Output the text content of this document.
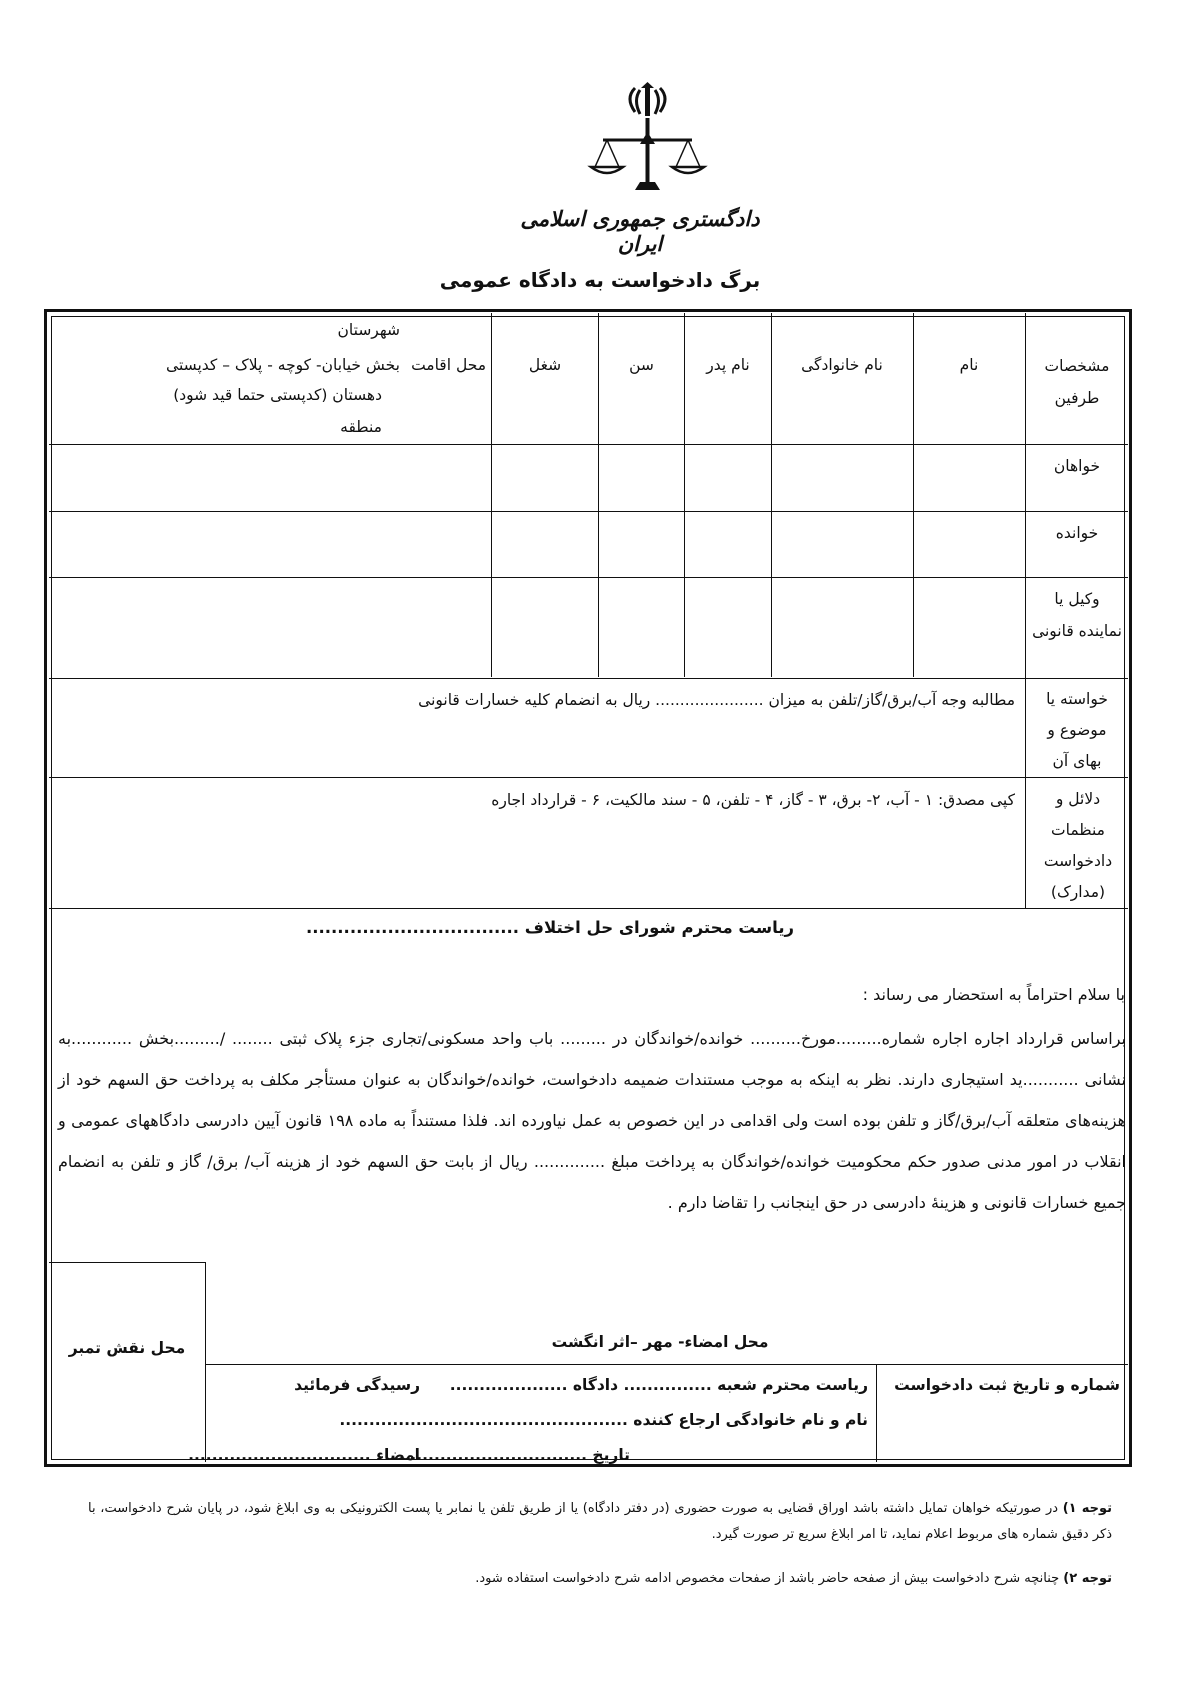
دادگستری جمهوری اسلامی ایران
برگ دادخواست به دادگاه عمومی
مشخصات طرفین
نام
نام خانوادگی
نام پدر
سن
شغل
محل اقامت
شهرستان
بخش خیابان- کوچه - پلاک – کدپستی
دهستان (کدپستی حتما قید شود)
منطقه
خواهان
خوانده
وکیل یا نماینده قانونی
خواسته یا موضوع و بهای آن
مطالبه وجه آب/برق/گاز/تلفن به میزان ...................... ریال به انضمام کلیه خسارات قانونی
دلائل و منظمات دادخواست (مدارک)
کپی مصدق: ۱ - آب، ۲- برق، ۳ - گاز، ۴ - تلفن، ۵ - سند مالکیت، ۶ - قرارداد اجاره
ریاست محترم شورای حل اختلاف ..................................
با سلام احتراماً به استحضار می رساند :
براساس قرارداد اجاره اجاره شماره.........مورخ.......... خوانده/خواندگان در ......... باب واحد مسکونی/تجاری جزء پلاک ثبتی ........ /.........بخش ............به نشانی ...........ید استیجاری دارند. نظر به اینکه به موجب مستندات ضمیمه دادخواست، خوانده/خواندگان به عنوان مستأجر مکلف به پرداخت حق السهم خود از هزینه‌های متعلقه آب/برق/گاز و تلفن بوده است ولی اقدامی در این خصوص به عمل نیاورده اند. فلذا مستنداً به ماده ۱۹۸ قانون آیین دادرسی دادگاههای عمومی و انقلاب در امور مدنی صدور حکم محکومیت خوانده/خواندگان به پرداخت مبلغ .............. ریال از بابت حق السهم خود از هزینه آب/ برق/ گاز و تلفن به انضمام جمیع خسارات قانونی و هزینۀ دادرسی در حق اینجانب را تقاضا دارم .
محل نقش تمبر	محل امضاء- مهر –اثر انگشت
شماره و تاریخ ثبت دادخواست
ریاست محترم شعبه ............... دادگاه ....................
رسیدگی فرمائید
نام و نام خانوادگی ارجاع کننده .................................................
تاریخ ..............................
امضاء ...............................
توجه ۱) در صورتیکه خواهان تمایل داشته باشد اوراق قضایی به صورت حضوری (در دفتر دادگاه) یا از طریق تلفن یا نمابر یا پست الکترونیکی به وی ابلاغ شود، در پایان شرح دادخواست، با ذکر دقیق شماره های مربوط اعلام نماید، تا امر ابلاغ سریع تر صورت گیرد.
توجه ۲) چنانچه شرح دادخواست بیش از صفحه حاضر باشد از صفحات مخصوص ادامه شرح دادخواست استفاده شود.
